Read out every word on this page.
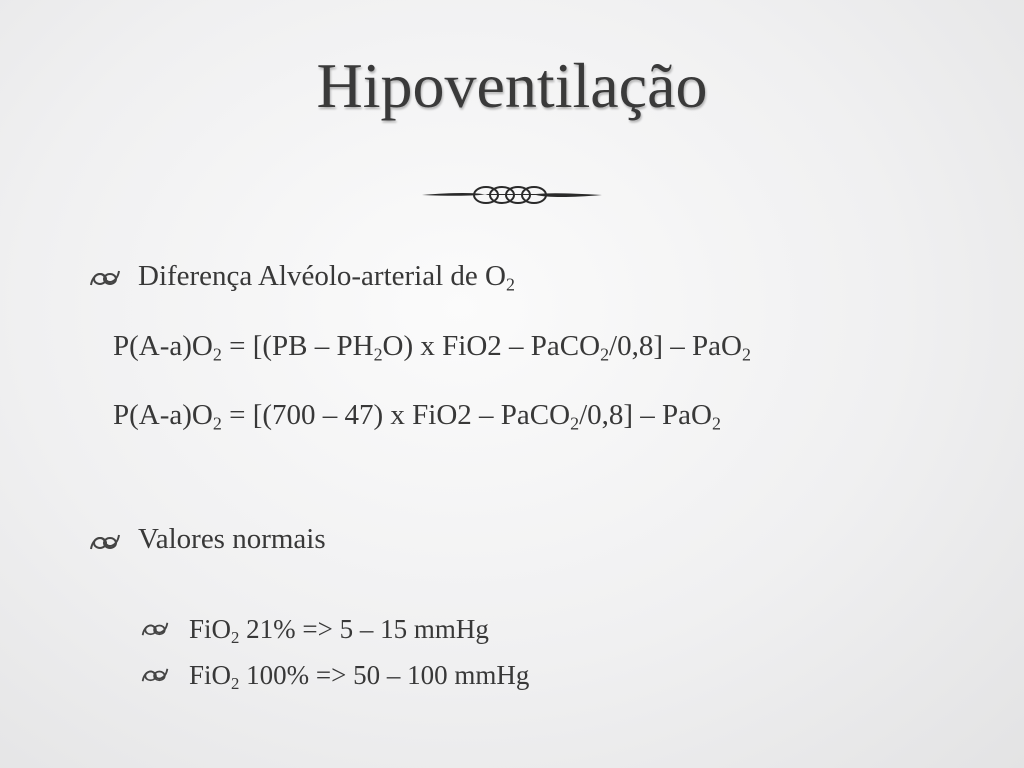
Hipoventilação
Diferença Alvéolo-arterial de $O_2$
$P(A-a)O_2 = [(PB - PH_2O)$ x FiO2 – PaCO$_2$/0,8] – PaO$_2$
$P(A-a)O_2 = [(700 - 47)$ x FiO2 – PaCO$_2$/0,8] – PaO$_2$
Valores normais
FiO$_2$ 21% => 5 – 15 mmHg
FiO$_2$ 100% => 50 – 100 mmHg
